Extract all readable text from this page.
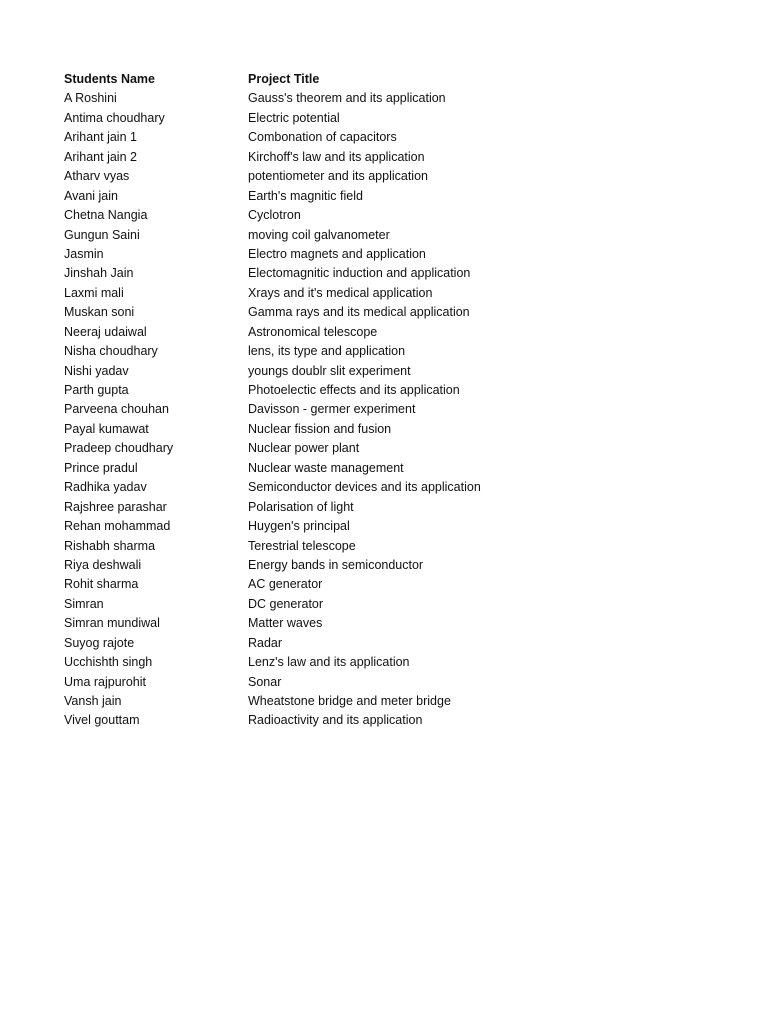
Students Name	Project Title
A Roshini	Gauss's theorem and its application
Antima choudhary	Electric potential
Arihant jain 1	Combonation of capacitors
Arihant jain 2	Kirchoff's law and its application
Atharv vyas	potentiometer and its application
Avani jain	Earth's magnitic field
Chetna Nangia	Cyclotron
Gungun Saini	moving coil galvanometer
Jasmin	Electro magnets and application
Jinshah Jain	Electomagnitic induction and application
Laxmi mali	Xrays and it's medical application
Muskan soni	Gamma rays and its medical application
Neeraj udaiwal	Astronomical telescope
Nisha choudhary	lens, its type and application
Nishi yadav	youngs doublr slit experiment
Parth gupta	Photoelectic effects and its application
Parveena chouhan	Davisson - germer experiment
Payal kumawat	Nuclear fission and fusion
Pradeep choudhary	Nuclear power plant
Prince pradul	Nuclear waste management
Radhika yadav	Semiconductor devices and its application
Rajshree parashar	Polarisation of light
Rehan mohammad	Huygen's principal
Rishabh sharma	Terestrial telescope
Riya deshwali	Energy bands in semiconductor
Rohit sharma	AC generator
Simran	DC generator
Simran mundiwal	Matter waves
Suyog rajote	Radar
Ucchishth singh	Lenz's law and its application
Uma rajpurohit	Sonar
Vansh jain	Wheatstone bridge and meter bridge
Vivel gouttam	Radioactivity and its application
